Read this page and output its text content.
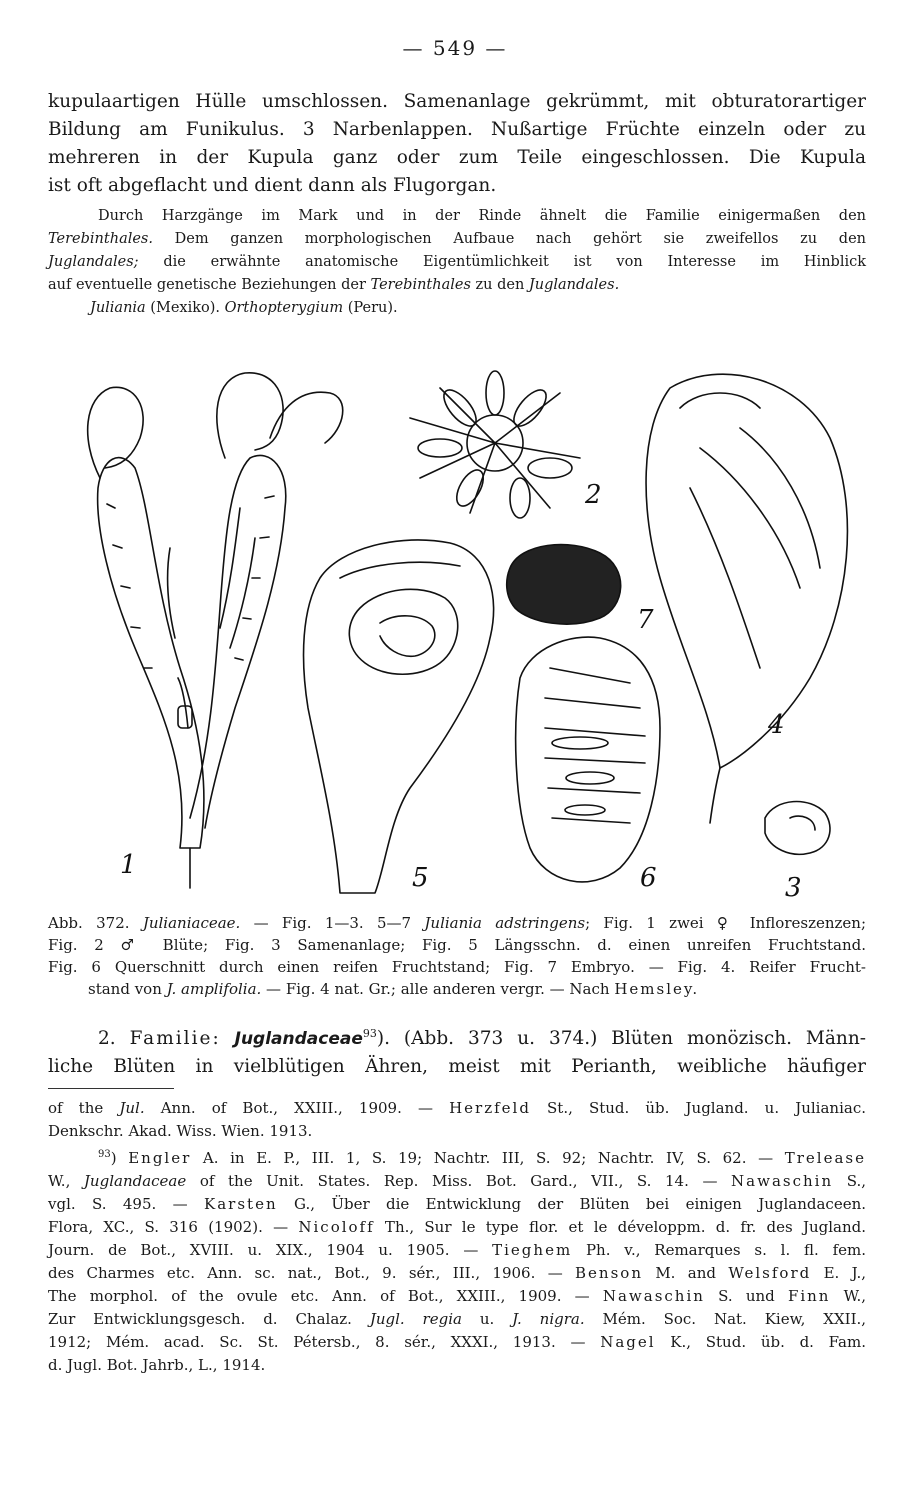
— 549 —
kupulaartigen Hülle umschlossen. Samenanlage gekrümmt, mit obturatorartiger
Bildung am Funikulus. 3 Narbenlappen. Nußartige Früchte einzeln oder zu
mehreren in der Kupula ganz oder zum Teile eingeschlossen. Die Kupula
ist oft abgeflacht und dient dann als Flugorgan.
Durch Harzgänge im Mark und in der Rinde ähnelt die Familie einigermaßen den
Terebinthales. Dem ganzen morphologischen Aufbaue nach gehört sie zweifellos zu den
Juglandales; die erwähnte anatomische Eigentümlichkeit ist von Interesse im Hinblick
auf eventuelle genetische Beziehungen der Terebinthales zu den Juglandales.
Juliania (Mexiko). Orthopterygium (Peru).
1
2
3
4
5	6
7
Abb. 372. Julianiaceae. — Fig. 1—3. 5—7 Juliania adstringens; Fig. 1 zwei ♀ Infloreszenzen;
Fig. 2 ♂ Blüte; Fig. 3 Samenanlage; Fig. 5 Längsschn. d. einen unreifen Fruchtstand.
Fig. 6 Querschnitt durch einen reifen Fruchtstand; Fig. 7 Embryo. — Fig. 4. Reifer Frucht-
stand von J. amplifolia. — Fig. 4 nat. Gr.; alle anderen vergr. — Nach Hemsley.
2. Familie: Juglandaceae$^{93}$). (Abb. 373 u. 374.) Blüten monözisch. Männ-
liche Blüten in vielblütigen Ähren, meist mit Perianth, weibliche häufiger
of the Jul. Ann. of Bot., XXIII., 1909. — Herzfeld St., Stud. üb. Jugland. u. Julianiac.
Denkschr. Akad. Wiss. Wien. 1913.
$^{93}$) Engler A. in E. P., III. 1, S. 19; Nachtr. III, S. 92; Nachtr. IV, S. 62. — Trelease
W., Juglandaceae of the Unit. States. Rep. Miss. Bot. Gard., VII., S. 14. — Nawaschin S.,
vgl. S. 495. — Karsten G., Über die Entwicklung der Blüten bei einigen Juglandaceen.
Flora, XC., S. 316 (1902). — Nicoloff Th., Sur le type flor. et le développm. d. fr. des Jugland.
Journ. de Bot., XVIII. u. XIX., 1904 u. 1905. — Tieghem Ph. v., Remarques s. l. fl. fem.
des Charmes etc. Ann. sc. nat., Bot., 9. sér., III., 1906. — Benson M. and Welsford E. J.,
The morphol. of the ovule etc. Ann. of Bot., XXIII., 1909. — Nawaschin S. und Finn W.,
Zur Entwicklungsgesch. d. Chalaz. Jugl. regia u. J. nigra. Mém. Soc. Nat. Kiew, XXII.,
1912; Mém. acad. Sc. St. Pétersb., 8. sér., XXXI., 1913. — Nagel K., Stud. üb. d. Fam.
d. Jugl. Bot. Jahrb., L., 1914.
